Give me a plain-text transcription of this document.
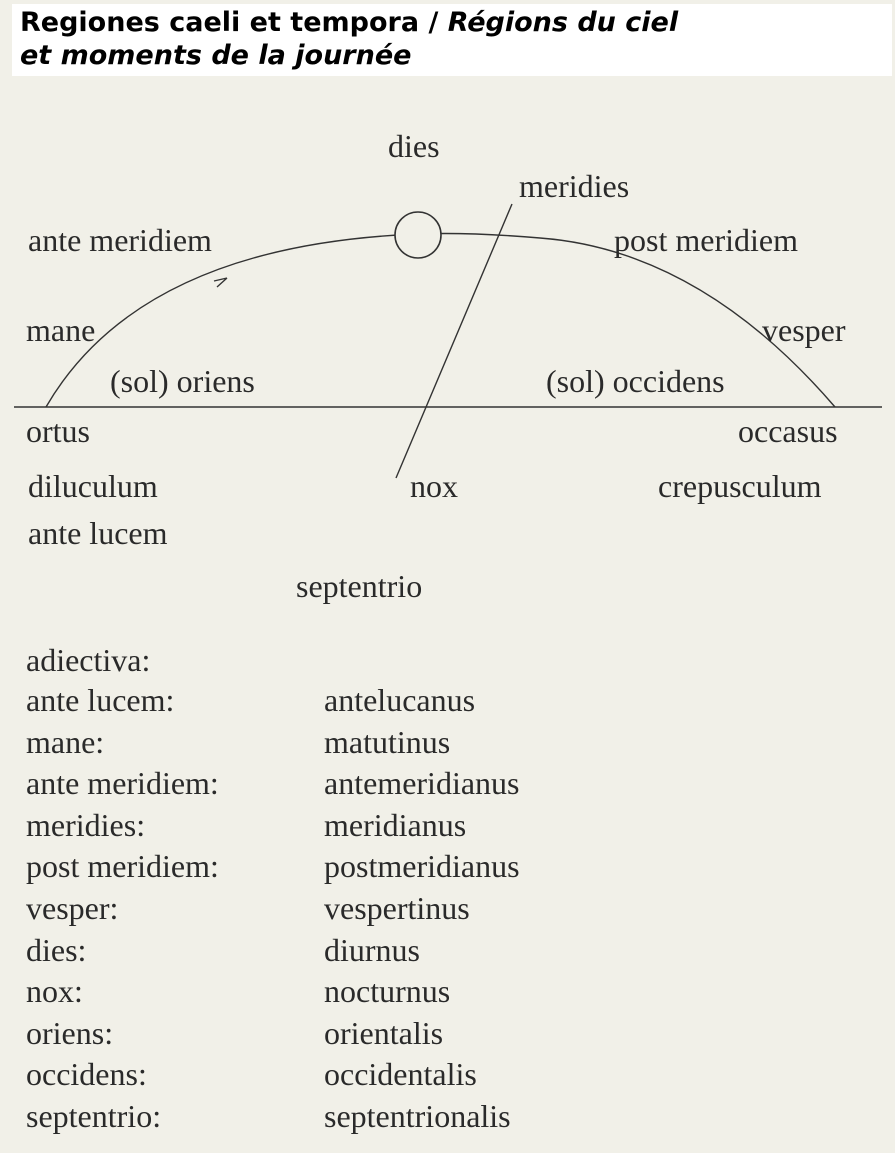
Regiones caeli et tempora / Régions du ciel
et moments de la journée
dies
meridies
ante meridiem	post meridiem
mane	vesper
(sol) oriens	(sol) occidens
ortus	occasus
diluculum	nox	crepusculum
ante lucem
septentrio
adiectiva:
ante lucem:	antelucanus
mane:	matutinus
ante meridiem:	antemeridianus
meridies:	meridianus
post meridiem:	postmeridianus
vesper:	vespertinus
dies:	diurnus
nox:	nocturnus
oriens:	orientalis
occidens:	occidentalis
septentrio:	septentrionalis
